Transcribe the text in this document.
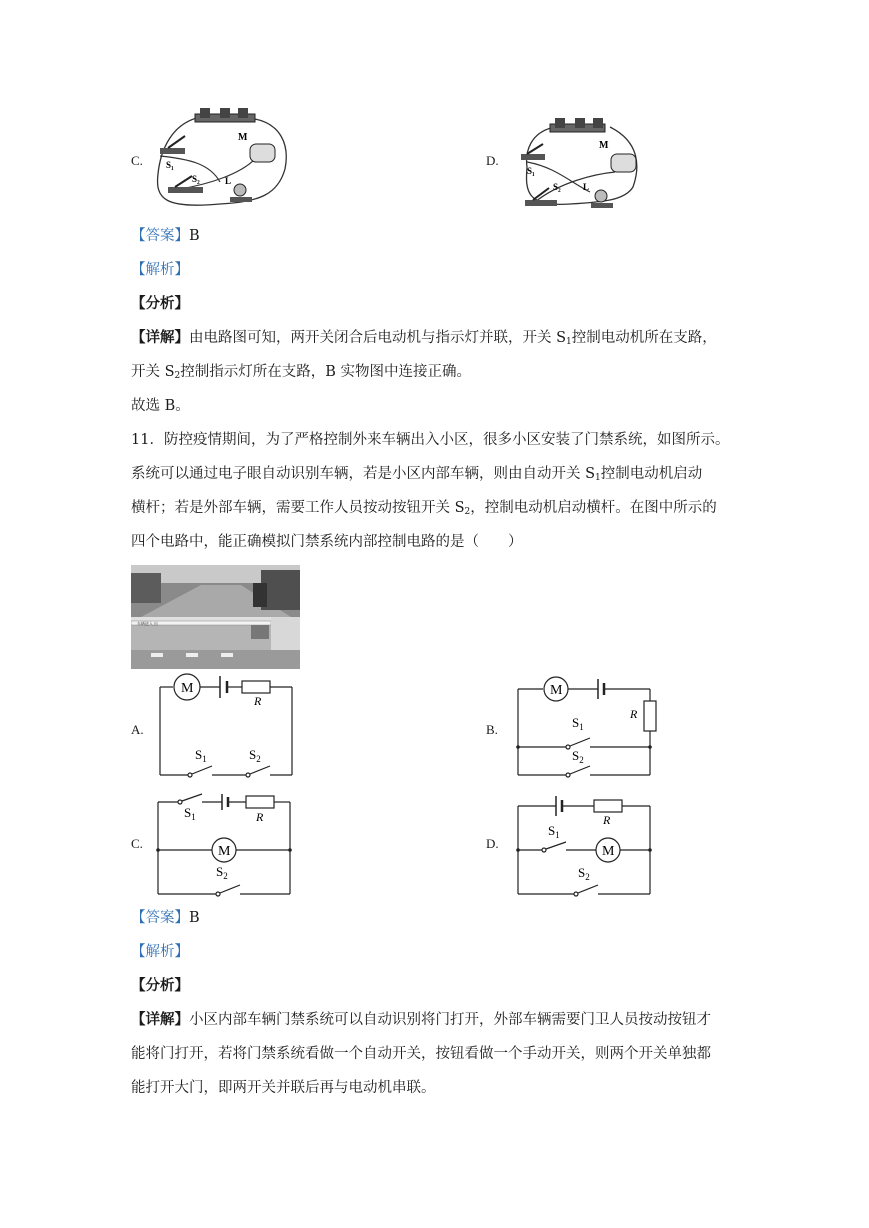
C.
M
S₁
S₂	L
D.
M
S₁
S₂ L
【答案】B
【解析】
【分析】
【详解】由电路图可知，两开关闭合后电动机与指示灯并联，开关 $S_1$控制电动机所在支路，
开关 $S_2$控制指示灯所在支路，B 实物图中连接正确。
故选 B。
11．防控疫情期间，为了严格控制外来车辆出入小区，很多小区安装了门禁系统，如图所示。
系统可以通过电子眼自动识别车辆，若是小区内部车辆，则由自动开关 $S_1$控制电动机启动
横杆；若是外部车辆，需要工作人员按动按钮开关 $S_2$，控制电动机启动横杆。在图中所示的
四个电路中，能正确模拟门禁系统内部控制电路的是（　　）
车辆进入 出
A.
M
R
$S_1$	$S_2$
B.
M
R
$S_1$
$S_2$
C.
M
R
$S_1$
$S_2$
D.
M
R
$S_1$
$S_2$
【答案】B
【解析】
【分析】
【详解】小区内部车辆门禁系统可以自动识别将门打开，外部车辆需要门卫人员按动按钮才
能将门打开，若将门禁系统看做一个自动开关，按钮看做一个手动开关，则两个开关单独都
能打开大门，即两开关并联后再与电动机串联。
